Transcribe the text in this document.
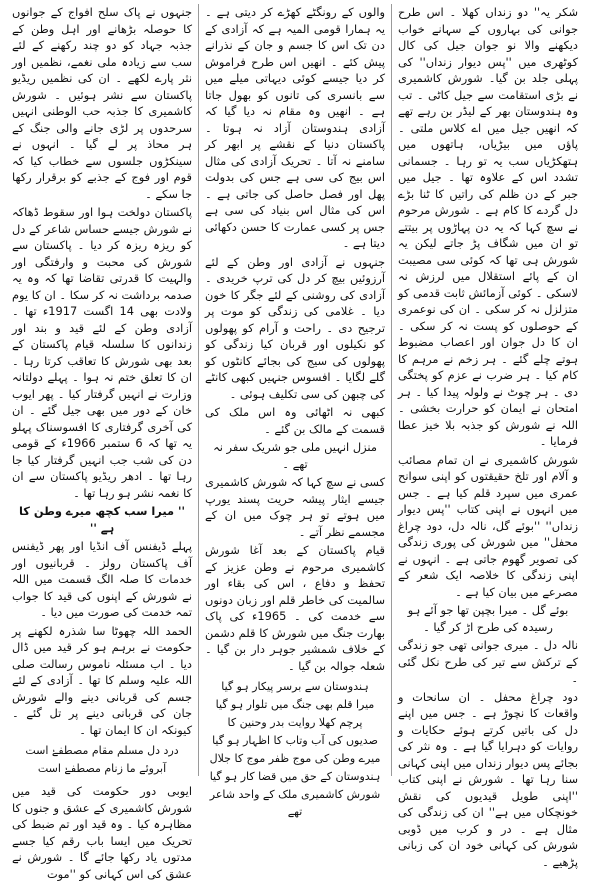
شکر یہ'' دو زنداں کھلا ۔ اس طرح جوانی کی بہاروں کے سہانے خواب دیکھنے والا نو جوان جیل کی کال کوٹھری میں ''پس دیوار زنداں'' کی پہلی جلد بن گیا۔ شورش کاشمیری نے بڑی استقامت سے جیل کاٹی ۔ تب وہ ہندوستان بھر کے لیڈر بن رہے تھے کہ انھیں جیل میں اے کلاس ملتی ۔ پاؤں میں بیڑیاں، ہاتھوں میں ہتھکڑیاں سب یہ تو رہا ۔ جسمانی تشدد اس کے علاوہ تھا ۔ جیل میں جبر کے دن ظلم کی راتیں کا ٹنا بڑے دل گردے کا کام ہے ۔ شورش مرحوم نے سچ کہا کہ یہ دن پہاڑوں پر بیتتے تو ان میں شگاف پڑ جاتے لیکن یہ شورش ہی تھا کہ کوئی سی مصیبت ان کے پائے استقلال میں لرزش نہ لاسکی ۔ کوئی آزمائش ثابت قدمی کو متزلزل نہ کر سکی ۔ ان کی نوعمری کے حوصلوں کو پست نہ کر سکی ۔ ان کا دل جوان اور اعصاب مضبوط ہوتے چلے گئے ۔ ہر زخم نے مرہم کا کام کیا ۔ ہر ضرب نے عزم کو پختگی دی ۔ ہر چوٹ نے ولولہ پیدا کیا ۔ ہر امتحان نے ایمان کو حرارت بخشی ۔ اللہ نے شورش کو جذبہ بلا خیز عطا فرمایا ۔

شورش کاشمیری نے ان تمام مصائب و آلام اور تلخ حقیقتوں کو اپنی سوانح عمری میں سپرد قلم کیا ہے ۔ جس میں انہوں نے اپنی کتاب ''پس دیوار زنداں'' ''بوئے گل، نالہ دل، دود چراغ محفل'' میں شورش کی پوری زندگی کی تصویر گھوم جاتی ہے ۔ انہوں نے اپنی زندگی کا خلاصہ ایک شعر کے مصرعے میں بیان کیا ہے ۔

بوئے گل ۔ میرا بچپن تھا جو آئے ہو رسیدہ کی طرح اڑ کر گیا ۔

نالہ دل ۔ میری جوانی تھی جو زندگی کے ترکش سے تیر کی طرح نکل گئی ۔

دود چراغ محفل ۔ ان سانحات و واقعات کا نچوڑ ہے ۔ جس میں اپنے دل کی باتیں کرتے ہوئے حکایات و روایات کو دہرایا گیا ہے ۔ وہ نثر کی بجائے پس دیوار زنداں میں اپنی کہانی سنا رہا تھا ۔ شورش نے اپنی کتاب ''اپنی طویل قیدیوں کی نقش خونچکاں میں ہے'' ان کی زندگی کی مثال ہے ۔ در و کرب میں ڈوبی شورش کی کہانی خود ان کی زبانی پڑھیے ۔

والوں کے رونگٹے کھڑے کر دیتی ہے ۔ یہ ہمارا قومی المیہ ہے کہ آزادی کے دن تک اس کا جسم و جان کے نذرانے پیش کئے ۔ انھیں اس طرح فراموش کر دیا جیسے کوئی دیہاتی میلے میں سے بانسری کی تانوں کو بھول جاتا ہے ۔ انھیں وہ مقام نہ دیا گیا کہ آزادی ہندوستان آزاد نہ ہوتا ۔ پاکستان دنیا کے نقشے پر ابھر کر سامنے نہ آتا ۔ تحریک آزادی کی مثال اس بیج کی سی ہے جس کی بدولت پھل اور فصل حاصل کی جاتی ہے ۔ اس کی مثال اس بنیاد کی سی ہے جس پر کسی عمارت کا حسن دکھائی دیتا ہے ۔

جنہوں نے آزادی اور وطن کے لئے آرزوئیں بیچ کر دل کی ترپ خریدی ۔ آزادی کی روشنی کے لئے جگر کا خون دیا ۔ غلامی کی زندگی کو موت پر ترجیح دی ۔ راحت و آرام کو پھولوں کو نکیلوں اور قربان کیا زندگی کو پھولوں کی سیج کی بجائے کانٹوں کو گلے لگایا ۔ افسوس جنہیں کبھی کانٹے کی چبھن کی سی تکلیف ہوئی ۔

کبھی نہ اٹھائی وہ اس ملک کی قسمت کے مالک بن گئے ۔

منزل انہیں ملی جو شریک سفر نہ تھے ۔

کسی نے سچ کہا کہ شورش کاشمیری جیسے ایثار پیشہ حریت پسند یورپ میں ہوتے تو ہر چوک میں ان کے مجسمے نظر آتے ۔

قیام پاکستان کے بعد آغا شورش کاشمیری مرحوم نے وطن عزیز کے تحفظ و دفاع ، اس کی بقاء اور سالمیت کی خاطر قلم اور زبان دونوں سے خدمت کی ۔ 1965ء کی پاک بھارت جنگ میں شورش کا قلم دشمن کے خلاف شمشیر جوہر دار بن گیا ۔ شعلہ جوالہ بن گیا ۔

ہندوستان سے برسر پیکار ہو گیا

میرا قلم بھی جنگ میں تلوار ہو گیا

پرچم کھلا روایت بدر وحنین کا

صدیوں کی آب وتاب کا اظہار ہو گیا

میرے وطن کی موج ظفر موج کا جلال

ہندوستان کے حق میں قضا کار ہو گیا

شورش کاشمیری ملک کے واحد شاعر تھے

جنہوں نے پاک سلح افواج کے جوانوں کا حوصلہ بڑھانے اور اہل وطن کے جذبہ جہاد کو دو چند رکھنے کے لئے سب سے زیادہ ملی نغمے، نظمیں اور نثر پارے لکھے ۔ ان کی نظمیں ریڈیو پاکستان سے نشر ہوئیں ۔ شورش کاشمیری کا جذبہ حب الوطنی انہیں سرحدوں پر لڑی جانے والی جنگ کے ہر محاذ پر لے گیا ۔ انہوں نے سینکڑوں جلسوں سے خطاب کیا کہ قوم اور فوج کے جذبے کو برقرار رکھا جا سکے ۔

پاکستان دولخت ہوا اور سقوط ڈھاکہ نے شورش جیسے حساس شاعر کے دل کو ریزہ ریزہ کر دیا ۔ پاکستان سے شورش کی محبت و وارفتگی اور والہیت کا قدرتی تقاضا تھا کہ وہ یہ صدمہ برداشت نہ کر سکا ۔ ان کا یوم ولادت بھی 14 اگست 1917ء تھا ۔ آزادی وطن کے لئے قید و بند اور زندانوں کا سلسلہ قیام پاکستان کے بعد بھی شورش کا تعاقب کرتا رہا ۔ ان کا تعلق ختم نہ ہوا ۔ پہلے دولتانہ وزارت نے انہیں گرفتار کیا ۔ پھر ایوب خان کے دور میں بھی جیل گئے ۔ ان کی آخری گرفتاری کا افسوسناک پہلو یہ تھا کہ 6 ستمبر 1966ء کے قومی دن کی شب جب انہیں گرفتار کیا جا رہا تھا ۔ ادھر ریڈیو پاکستان سے ان کا نغمہ نشر ہو رہا تھا ۔

'' میرا سب کچھ میرے وطن کا ہے ''

پہلے ڈیفنس آف انڈیا اور پھر ڈیفنس آف پاکستان رولز ۔ قربانیوں اور خدمات کا صلہ الگ قسمت میں اللہ نے شورش کے اپنوں کی قید کا جواب تمہ خدمت کی صورت میں دیا ۔

الحمد اللہ چھوٹا سا شذرہ لکھنے پر حکومت نے برہم ہو کر قید میں ڈال دیا ۔ اب مسئلہ ناموس رسالت صلی اللہ علیہ وسلم کا تھا ۔ آزادی کے لئے جسم کی قربانی دینے والے شورش جان کی قربانی دینے پر تل گئے ۔ کیونکہ ان کا ایمان تھا ۔

درد دل مسلم مقام مصطفےٰ است

آبروئے ما زنام مصطفےٰ است

ایوبی دور حکومت کی قید میں شورش کاشمیری کے عشق و جنوں کا مظاہرہ کیا ۔ وہ قید اور تم ضبط کی تحریک میں ایسا باب رقم کیا جسے مدتوں یاد رکھا جائے گا ۔ شورش نے عشق کی اس کہانی کو ''موت
